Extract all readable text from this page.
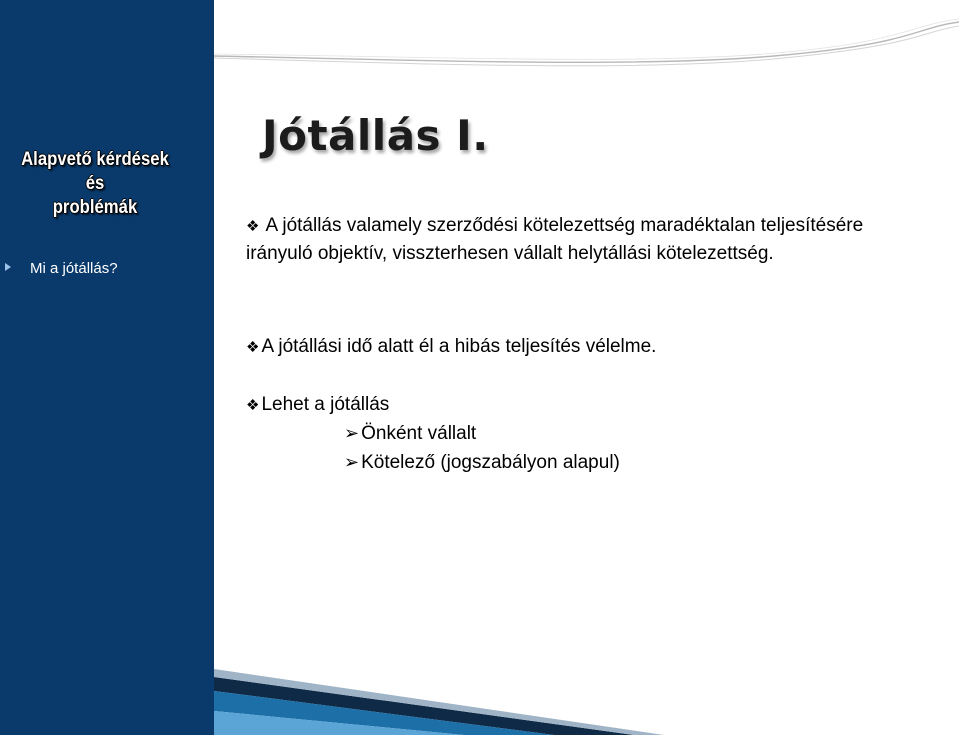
Alapvető kérdések és
problémák
Mi a jótállás?
Jótállás I.
❖ A jótállás valamely szerződési kötelezettség maradéktalan teljesítésére irányuló objektív, visszterhesen vállalt helytállási kötelezettség.
❖ A jótállási idő alatt él a hibás teljesítés vélelme.
❖ Lehet a jótállás
➢ Önként vállalt
➢ Kötelező (jogszabályon alapul)
